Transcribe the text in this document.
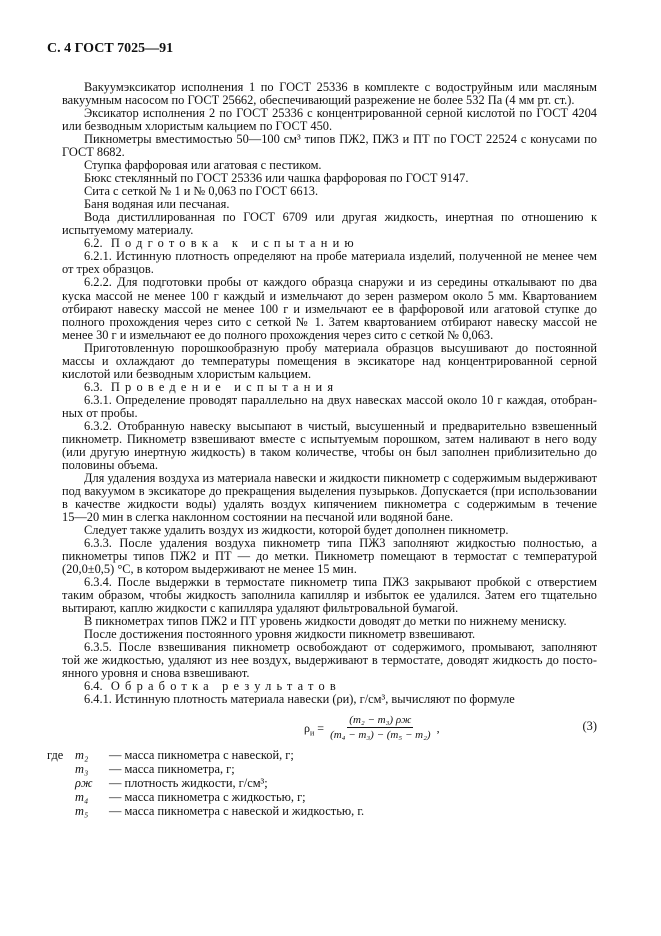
С. 4 ГОСТ 7025—91
Вакуумэксикатор исполнения 1 по ГОСТ 25336 в комплекте с водоструйным или масляным
вакуумным насосом по ГОСТ 25662, обеспечивающий разрежение не более 532 Па (4 мм рт. ст.).
Эксикатор исполнения 2 по ГОСТ 25336 с концентрированной серной кислотой по ГОСТ 4204
или безводным хлористым кальцием по ГОСТ 450.
Пикнометры вместимостью 50—100 см³ типов ПЖ2, ПЖ3 и ПТ по ГОСТ 22524 с конусами по
ГОСТ 8682.
Ступка фарфоровая или агатовая с пестиком.
Бюкс стеклянный по ГОСТ 25336 или чашка фарфоровая по ГОСТ 9147.
Сита с сеткой № 1 и № 0,063 по ГОСТ 6613.
Баня водяная или песчаная.
Вода дистиллированная по ГОСТ 6709 или другая жидкость, инертная по отношению к
испытуемому материалу.
6.2. Подготовка к испытанию
6.2.1. Истинную плотность определяют на пробе материала изделий, полученной не менее чем
от трех образцов.
6.2.2. Для подготовки пробы от каждого образца снаружи и из середины откалывают по два
куска массой не менее 100 г каждый и измельчают до зерен размером около 5 мм. Квартованием
отбирают навеску массой не менее 100 г и измельчают ее в фарфоровой или агатовой ступке до
полного прохождения через сито с сеткой № 1. Затем квартованием отбирают навеску массой не
менее 30 г и измельчают ее до полного прохождения через сито с сеткой № 0,063.
Приготовленную порошкообразную пробу материала образцов высушивают до постоянной
массы и охлаждают до температуры помещения в эксикаторе над концентрированной серной
кислотой или безводным хлористым кальцием.
6.3. Проведение испытания
6.3.1. Определение проводят параллельно на двух навесках массой около 10 г каждая, отобран-
ных от пробы.
6.3.2. Отобранную навеску высыпают в чистый, высушенный и предварительно взвешенный
пикнометр. Пикнометр взвешивают вместе с испытуемым порошком, затем наливают в него воду
(или другую инертную жидкость) в таком количестве, чтобы он был заполнен приблизительно до
половины объема.
Для удаления воздуха из материала навески и жидкости пикнометр с содержимым выдерживают
под вакуумом в эксикаторе до прекращения выделения пузырьков. Допускается (при использовании
в качестве жидкости воды) удалять воздух кипячением пикнометра с содержимым в течение
15—20 мин в слегка наклонном состоянии на песчаной или водяной бане.
Следует также удалить воздух из жидкости, которой будет дополнен пикнометр.
6.3.3. После удаления воздуха пикнометр типа ПЖ3 заполняют жидкостью полностью, а
пикнометры типов ПЖ2 и ПТ — до метки. Пикнометр помещают в термостат с температурой
(20,0±0,5) °С, в котором выдерживают не менее 15 мин.
6.3.4. После выдержки в термостате пикнометр типа ПЖ3 закрывают пробкой с отверстием
таким образом, чтобы жидкость заполнила капилляр и избыток ее удалился. Затем его тщательно
вытирают, каплю жидкости с капилляра удаляют фильтровальной бумагой.
В пикнометрах типов ПЖ2 и ПТ уровень жидкости доводят до метки по нижнему мениску.
После достижения постоянного уровня жидкости пикнометр взвешивают.
6.3.5. После взвешивания пикнометр освобождают от содержимого, промывают, заполняют
той же жидкостью, удаляют из нее воздух, выдерживают в термостате, доводят жидкость до посто-
янного уровня и снова взвешивают.
6.4. Обработка результатов
6.4.1. Истинную плотность материала навески (ρи), г/см³, вычисляют по формуле
$\rho_и = \frac{\text{(m₂ − m₃) ρж}}{\text{(m₄ − m₃) − (m₅ − m₂)}}$ ,	(3)
где m₂	— масса пикнометра с навеской, г;
m₃	— масса пикнометра, г;
ρж	— плотность жидкости, г/см³;
m₄	— масса пикнометра с жидкостью, г;
m₅	— масса пикнометра с навеской и жидкостью, г.
